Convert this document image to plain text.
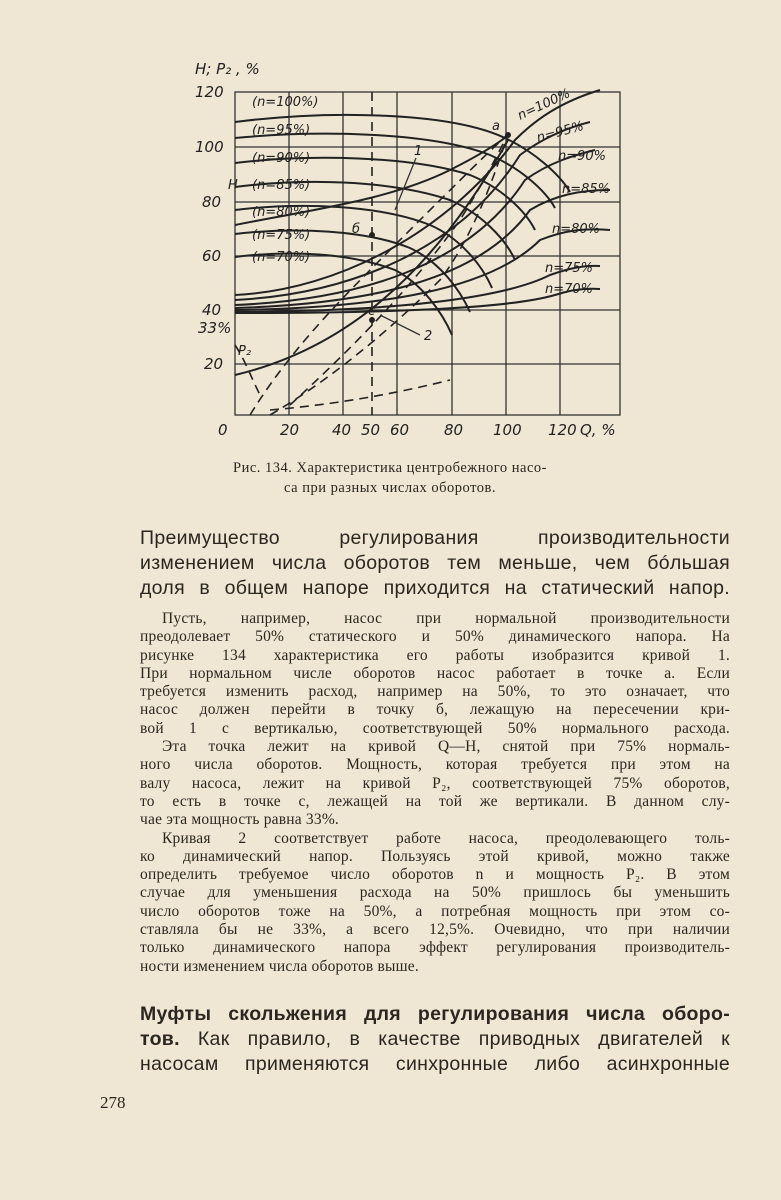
H; P₂ , %
Q, %
120
100
80
60
40
33%
20
0	20 40 50 60 80 100 120
(n=100%)
(n=95%)
(n=90%)
(n=85%)
(n=80%)
(n=75%)
(n=70%)
n=100%
n=95%
n=90%
n=85%
n=80%
n=75%
n=70%
H
P₂
a
б
c
1
2

Рис. 134. Характеристика центробежного насо-

са при разных числах оборотов.

Преимущество регулирования производительности

изменением числа оборотов тем меньше, чем бóльшая

доля в общем напоре приходится на статический напор.

Пусть, например, насос при нормальной производительности

преодолевает 50% статического и 50% динамического напора. На

рисунке 134 характеристика его работы изобразится кривой 1.

При нормальном числе оборотов насос работает в точке a. Если

требуется изменить расход, например на 50%, то это означает, что

насос должен перейти в точку б, лежащую на пересечении кри-

вой 1 с вертикалью, соответствующей 50% нормального расхода.

Эта точка лежит на кривой Q—H, снятой при 75% нормаль-

ного числа оборотов. Мощность, которая требуется при этом на

валу насоса, лежит на кривой P₂, соответствующей 75% оборотов,

то есть в точке c, лежащей на той же вертикали. В данном слу-

чае эта мощность равна 33%.

Кривая 2 соответствует работе насоса, преодолевающего толь-

ко динамический напор. Пользуясь этой кривой, можно также

определить требуемое число оборотов n и мощность P₂. В этом

случае для уменьшения расхода на 50% пришлось бы уменьшить

число оборотов тоже на 50%, а потребная мощность при этом со-

ставляла бы не 33%, а всего 12,5%. Очевидно, что при наличии

только динамического напора эффект регулирования производитель-

ности изменением числа оборотов выше.

Муфты скольжения для регулирования числа оборо-

тов. Как правило, в качестве приводных двигателей к

насосам применяются синхронные либо асинхронные

278
